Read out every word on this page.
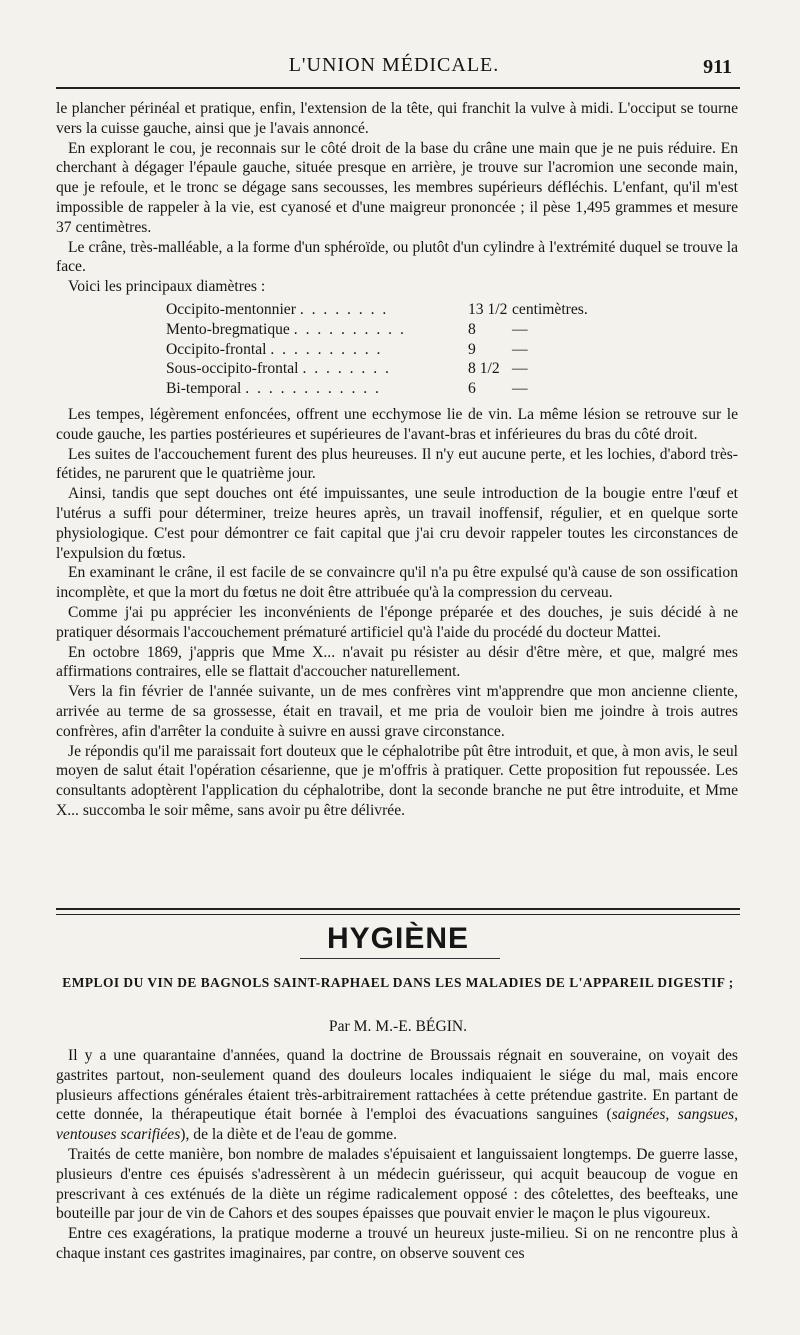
L'UNION MÉDICALE.	911

le plancher périnéal et pratique, enfin, l'extension de la tête, qui franchit la vulve à midi. L'occiput se tourne vers la cuisse gauche, ainsi que je l'avais annoncé.

En explorant le cou, je reconnais sur le côté droit de la base du crâne une main que je ne puis réduire. En cherchant à dégager l'épaule gauche, située presque en arrière, je trouve sur l'acromion une seconde main, que je refoule, et le tronc se dégage sans secousses, les membres supérieurs défléchis. L'enfant, qu'il m'est impossible de rappeler à la vie, est cyanosé et d'une maigreur prononcée ; il pèse 1,495 grammes et mesure 37 centimètres.

Le crâne, très-malléable, a la forme d'un sphéroïde, ou plutôt d'un cylindre à l'extrémité duquel se trouve la face.

Voici les principaux diamètres :

Occipito-mentonnier . . . . . . . .	13 1/2	centimètres.
Mento-bregmatique . . . . . . . . . .	8	—
Occipito-frontal . . . . . . . . . .	9	—
Sous-occipito-frontal . . . . . . . .	8 1/2	—
Bi-temporal . . . . . . . . . . . .	6	—

Les tempes, légèrement enfoncées, offrent une ecchymose lie de vin. La même lésion se retrouve sur le coude gauche, les parties postérieures et supérieures de l'avant-bras et inférieures du bras du côté droit.

Les suites de l'accouchement furent des plus heureuses. Il n'y eut aucune perte, et les lochies, d'abord très-fétides, ne parurent que le quatrième jour.

Ainsi, tandis que sept douches ont été impuissantes, une seule introduction de la bougie entre l'œuf et l'utérus a suffi pour déterminer, treize heures après, un travail inoffensif, régulier, et en quelque sorte physiologique. C'est pour démontrer ce fait capital que j'ai cru devoir rappeler toutes les circonstances de l'expulsion du fœtus.

En examinant le crâne, il est facile de se convaincre qu'il n'a pu être expulsé qu'à cause de son ossification incomplète, et que la mort du fœtus ne doit être attribuée qu'à la compression du cerveau.

Comme j'ai pu apprécier les inconvénients de l'éponge préparée et des douches, je suis décidé à ne pratiquer désormais l'accouchement prématuré artificiel qu'à l'aide du procédé du docteur Mattei.

En octobre 1869, j'appris que Mme X... n'avait pu résister au désir d'être mère, et que, malgré mes affirmations contraires, elle se flattait d'accoucher naturellement.

Vers la fin février de l'année suivante, un de mes confrères vint m'apprendre que mon ancienne cliente, arrivée au terme de sa grossesse, était en travail, et me pria de vouloir bien me joindre à trois autres confrères, afin d'arrêter la conduite à suivre en aussi grave circonstance.

Je répondis qu'il me paraissait fort douteux que le céphalotribe pût être introduit, et que, à mon avis, le seul moyen de salut était l'opération césarienne, que je m'offris à pratiquer. Cette proposition fut repoussée. Les consultants adoptèrent l'application du céphalotribe, dont la seconde branche ne put être introduite, et Mme X... succomba le soir même, sans avoir pu être délivrée.

HYGIÈNE
EMPLOI DU VIN DE BAGNOLS SAINT-RAPHAEL DANS LES MALADIES DE L'APPAREIL DIGESTIF ;
Par M. M.-E. BÉGIN.

Il y a une quarantaine d'années, quand la doctrine de Broussais régnait en souveraine, on voyait des gastrites partout, non-seulement quand des douleurs locales indiquaient le siége du mal, mais encore plusieurs affections générales étaient très-arbitrairement rattachées à cette prétendue gastrite. En partant de cette donnée, la thérapeutique était bornée à l'emploi des évacuations sanguines (saignées, sangsues, ventouses scarifiées), de la diète et de l'eau de gomme.

Traités de cette manière, bon nombre de malades s'épuisaient et languissaient longtemps. De guerre lasse, plusieurs d'entre ces épuisés s'adressèrent à un médecin guérisseur, qui acquit beaucoup de vogue en prescrivant à ces exténués de la diète un régime radicalement opposé : des côtelettes, des beefteaks, une bouteille par jour de vin de Cahors et des soupes épaisses que pouvait envier le maçon le plus vigoureux.

Entre ces exagérations, la pratique moderne a trouvé un heureux juste-milieu. Si on ne rencontre plus à chaque instant ces gastrites imaginaires, par contre, on observe souvent ces
